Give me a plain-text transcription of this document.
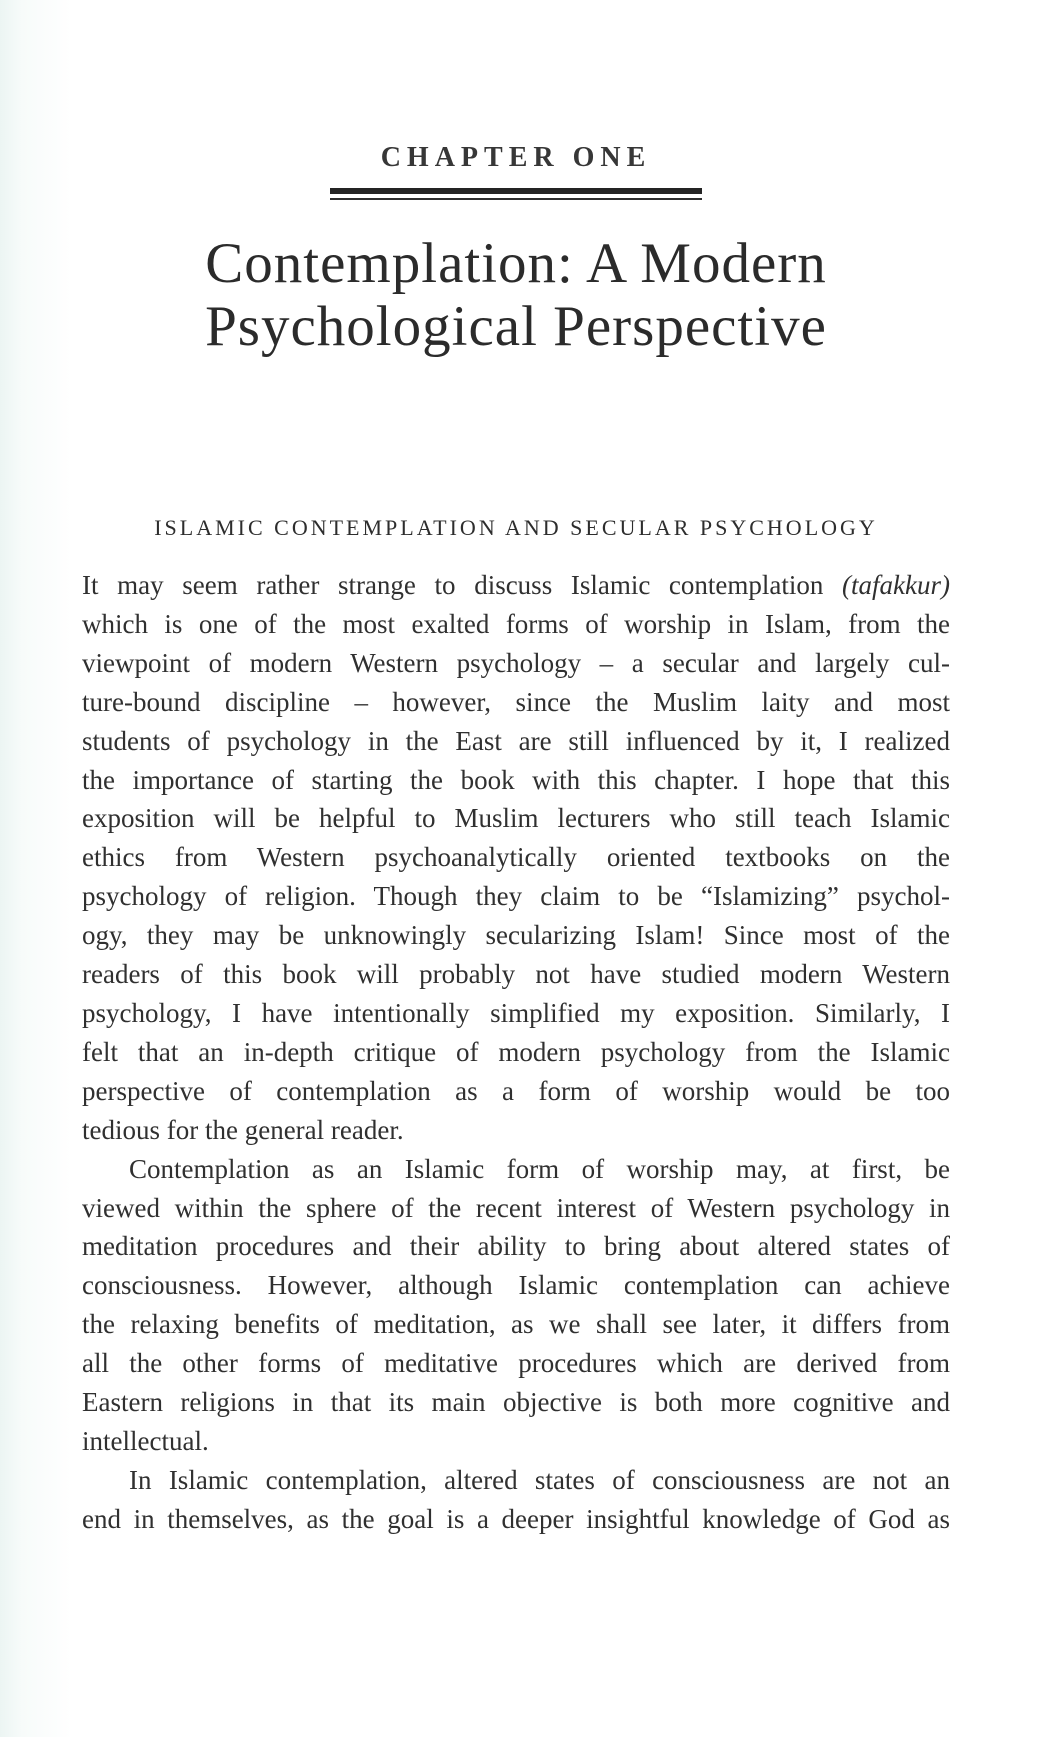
CHAPTER ONE
Contemplation: A Modern
Psychological Perspective
ISLAMIC CONTEMPLATION AND SECULAR PSYCHOLOGY
It may seem rather strange to discuss Islamic contemplation (tafakkur)
which is one of the most exalted forms of worship in Islam, from the
viewpoint of modern Western psychology – a secular and largely cul-
ture-bound discipline – however, since the Muslim laity and most
students of psychology in the East are still influenced by it, I realized
the importance of starting the book with this chapter. I hope that this
exposition will be helpful to Muslim lecturers who still teach Islamic
ethics from Western psychoanalytically oriented textbooks on the
psychology of religion. Though they claim to be “Islamizing” psychol-
ogy, they may be unknowingly secularizing Islam! Since most of the
readers of this book will probably not have studied modern Western
psychology, I have intentionally simplified my exposition. Similarly, I
felt that an in-depth critique of modern psychology from the Islamic
perspective of contemplation as a form of worship would be too
tedious for the general reader.
Contemplation as an Islamic form of worship may, at first, be
viewed within the sphere of the recent interest of Western psychology in
meditation procedures and their ability to bring about altered states of
consciousness. However, although Islamic contemplation can achieve
the relaxing benefits of meditation, as we shall see later, it differs from
all the other forms of meditative procedures which are derived from
Eastern religions in that its main objective is both more cognitive and
intellectual.
In Islamic contemplation, altered states of consciousness are not an
end in themselves, as the goal is a deeper insightful knowledge of God as
